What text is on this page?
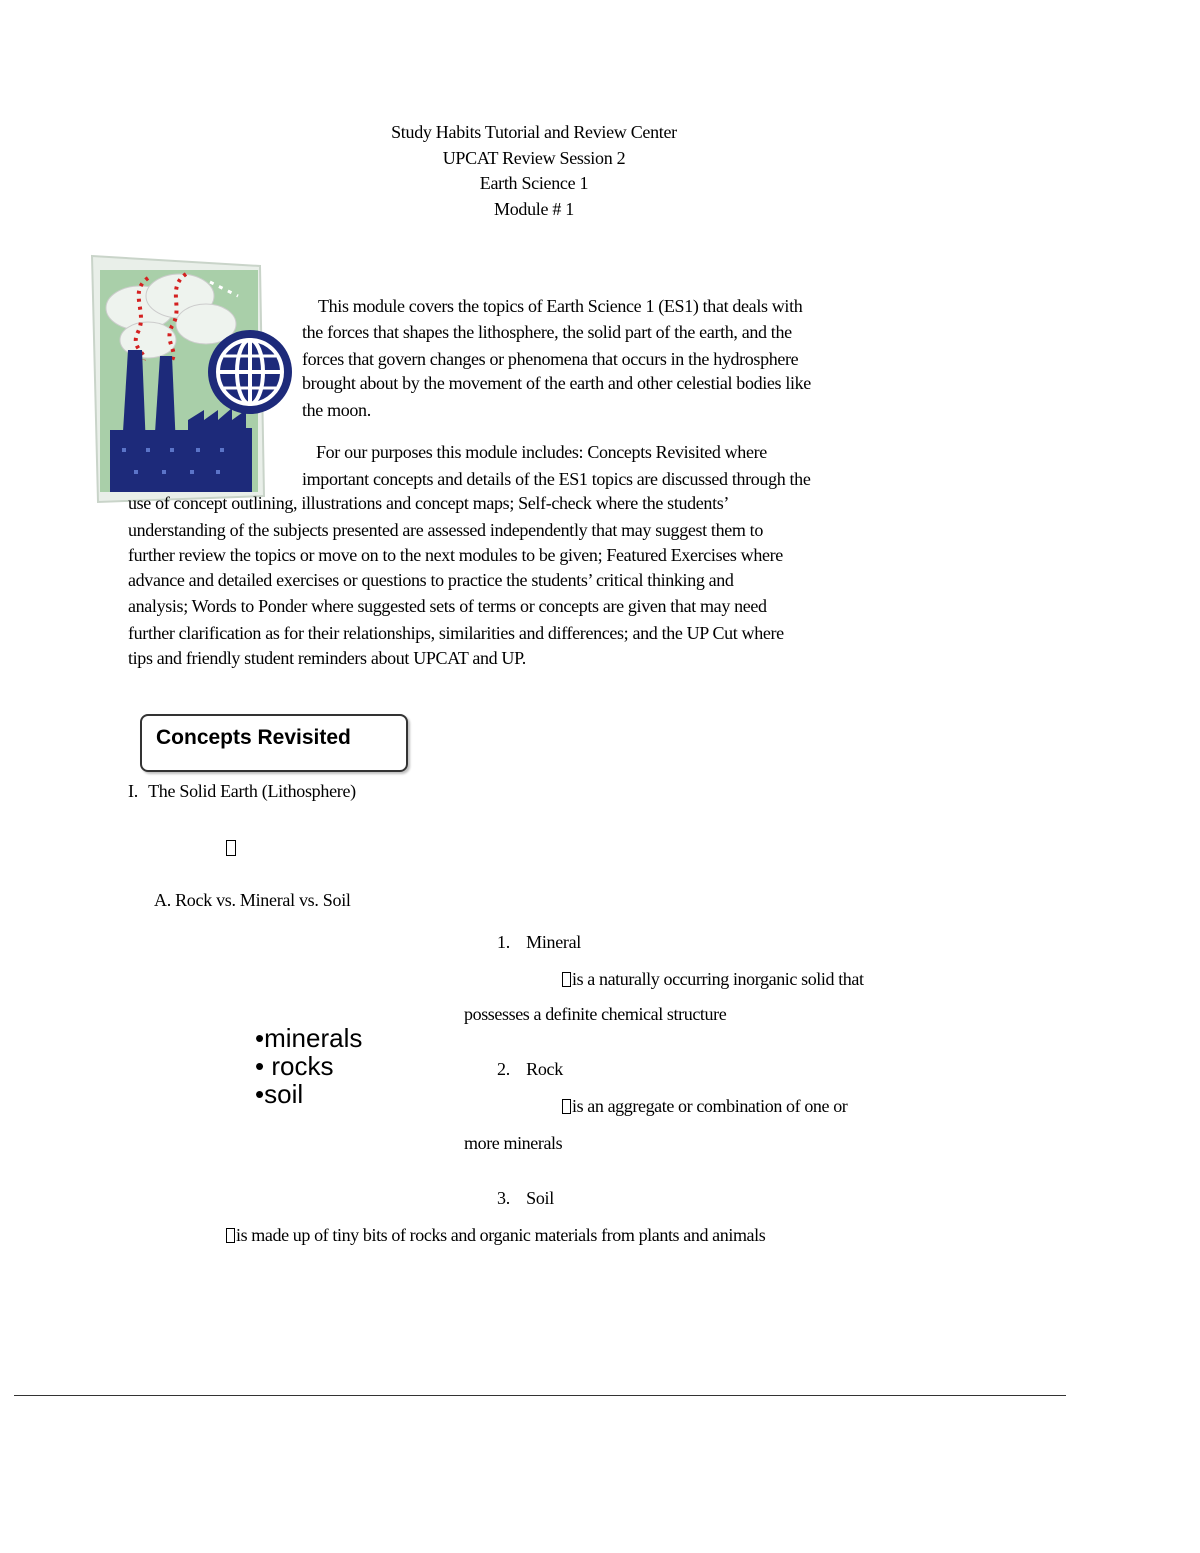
Study Habits Tutorial and Review Center
UPCAT Review Session 2
Earth Science 1
Module # 1
This module covers the topics of Earth Science 1 (ES1) that deals with
the forces that shapes the lithosphere, the solid part of the earth, and the
forces that govern changes or phenomena that occurs in the hydrosphere
brought about by the movement of the earth and other celestial bodies like
the moon.
For our purposes this module includes: Concepts Revisited where
important concepts and details of the ES1 topics are discussed through the
use of concept outlining, illustrations and concept maps; Self-check where the students’
understanding of the subjects presented are assessed independently that may suggest them to
further review the topics or move on to the next modules to be given; Featured Exercises where
advance and detailed exercises or questions to practice the students’ critical thinking and
analysis; Words to Ponder where suggested sets of terms or concepts are given that may need
further clarification as for their relationships, similarities and differences; and the UP Cut where
tips and friendly student reminders about UPCAT and UP.
Concepts Revisited
I. The Solid Earth (Lithosphere)
A. Rock vs. Mineral vs. Soil
1. Mineral
is a naturally occurring inorganic solid that
possesses a definite chemical structure
•minerals
• rocks
•soil
2. Rock
is an aggregate or combination of one or
more minerals
3. Soil
is made up of tiny bits of rocks and organic materials from plants and animals
